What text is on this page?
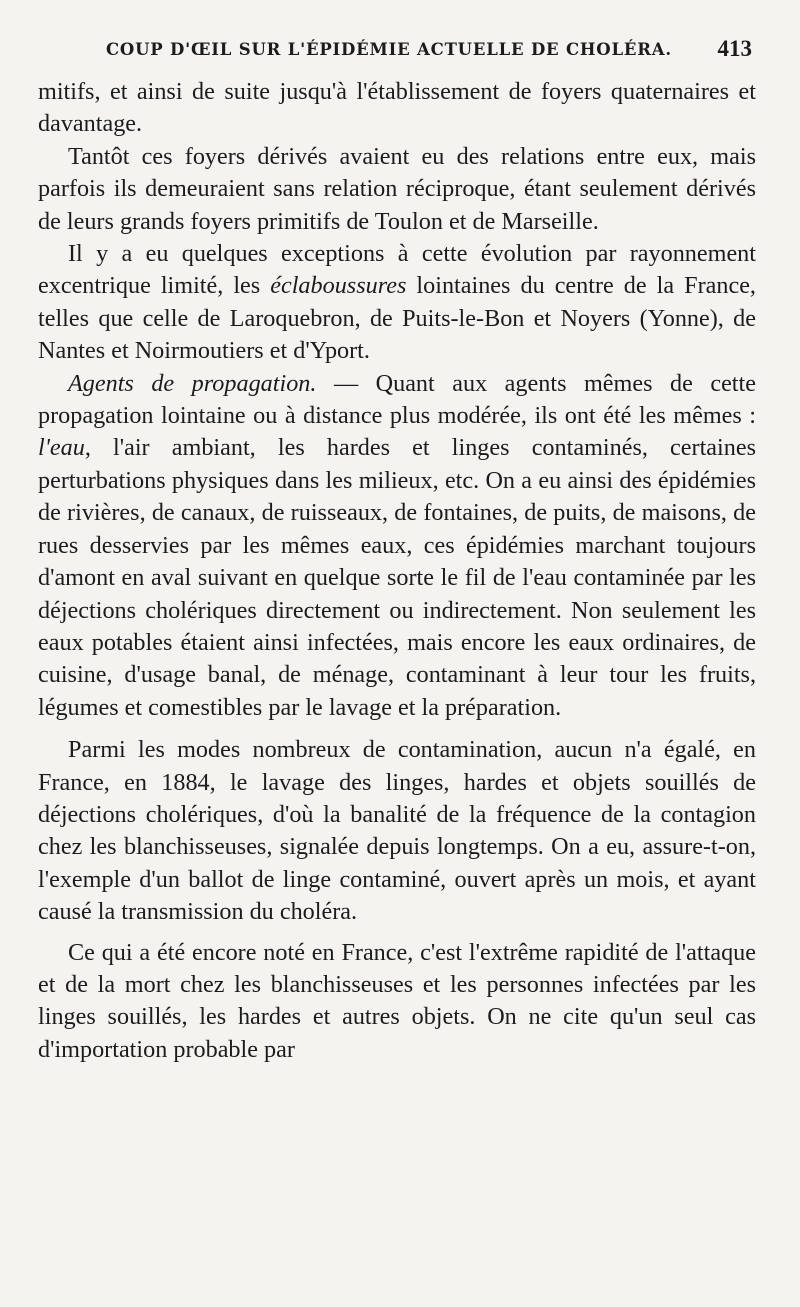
COUP D'ŒIL SUR L'ÉPIDÉMIE ACTUELLE DE CHOLÉRA. 413

mitifs, et ainsi de suite jusqu'à l'établissement de foyers quaternaires et davantage.

Tantôt ces foyers dérivés avaient eu des relations entre eux, mais parfois ils demeuraient sans relation réciproque, étant seulement dérivés de leurs grands foyers primitifs de Toulon et de Marseille.

Il y a eu quelques exceptions à cette évolution par rayonnement excentrique limité, les éclaboussures lointaines du centre de la France, telles que celle de Laroquebron, de Puits-le-Bon et Noyers (Yonne), de Nantes et Noirmoutiers et d'Yport.

Agents de propagation. — Quant aux agents mêmes de cette propagation lointaine ou à distance plus modérée, ils ont été les mêmes : l'eau, l'air ambiant, les hardes et linges contaminés, certaines perturbations physiques dans les milieux, etc. On a eu ainsi des épidémies de rivières, de canaux, de ruisseaux, de fontaines, de puits, de maisons, de rues desservies par les mêmes eaux, ces épidémies marchant toujours d'amont en aval suivant en quelque sorte le fil de l'eau contaminée par les déjections cholériques directement ou indirectement. Non seulement les eaux potables étaient ainsi infectées, mais encore les eaux ordinaires, de cuisine, d'usage banal, de ménage, contaminant à leur tour les fruits, légumes et comestibles par le lavage et la préparation.

Parmi les modes nombreux de contamination, aucun n'a égalé, en France, en 1884, le lavage des linges, hardes et objets souillés de déjections cholériques, d'où la banalité de la fréquence de la contagion chez les blanchisseuses, signalée depuis longtemps. On a eu, assure-t-on, l'exemple d'un ballot de linge contaminé, ouvert après un mois, et ayant causé la transmission du choléra.

Ce qui a été encore noté en France, c'est l'extrême rapidité de l'attaque et de la mort chez les blanchisseuses et les personnes infectées par les linges souillés, les hardes et autres objets. On ne cite qu'un seul cas d'importation probable par
